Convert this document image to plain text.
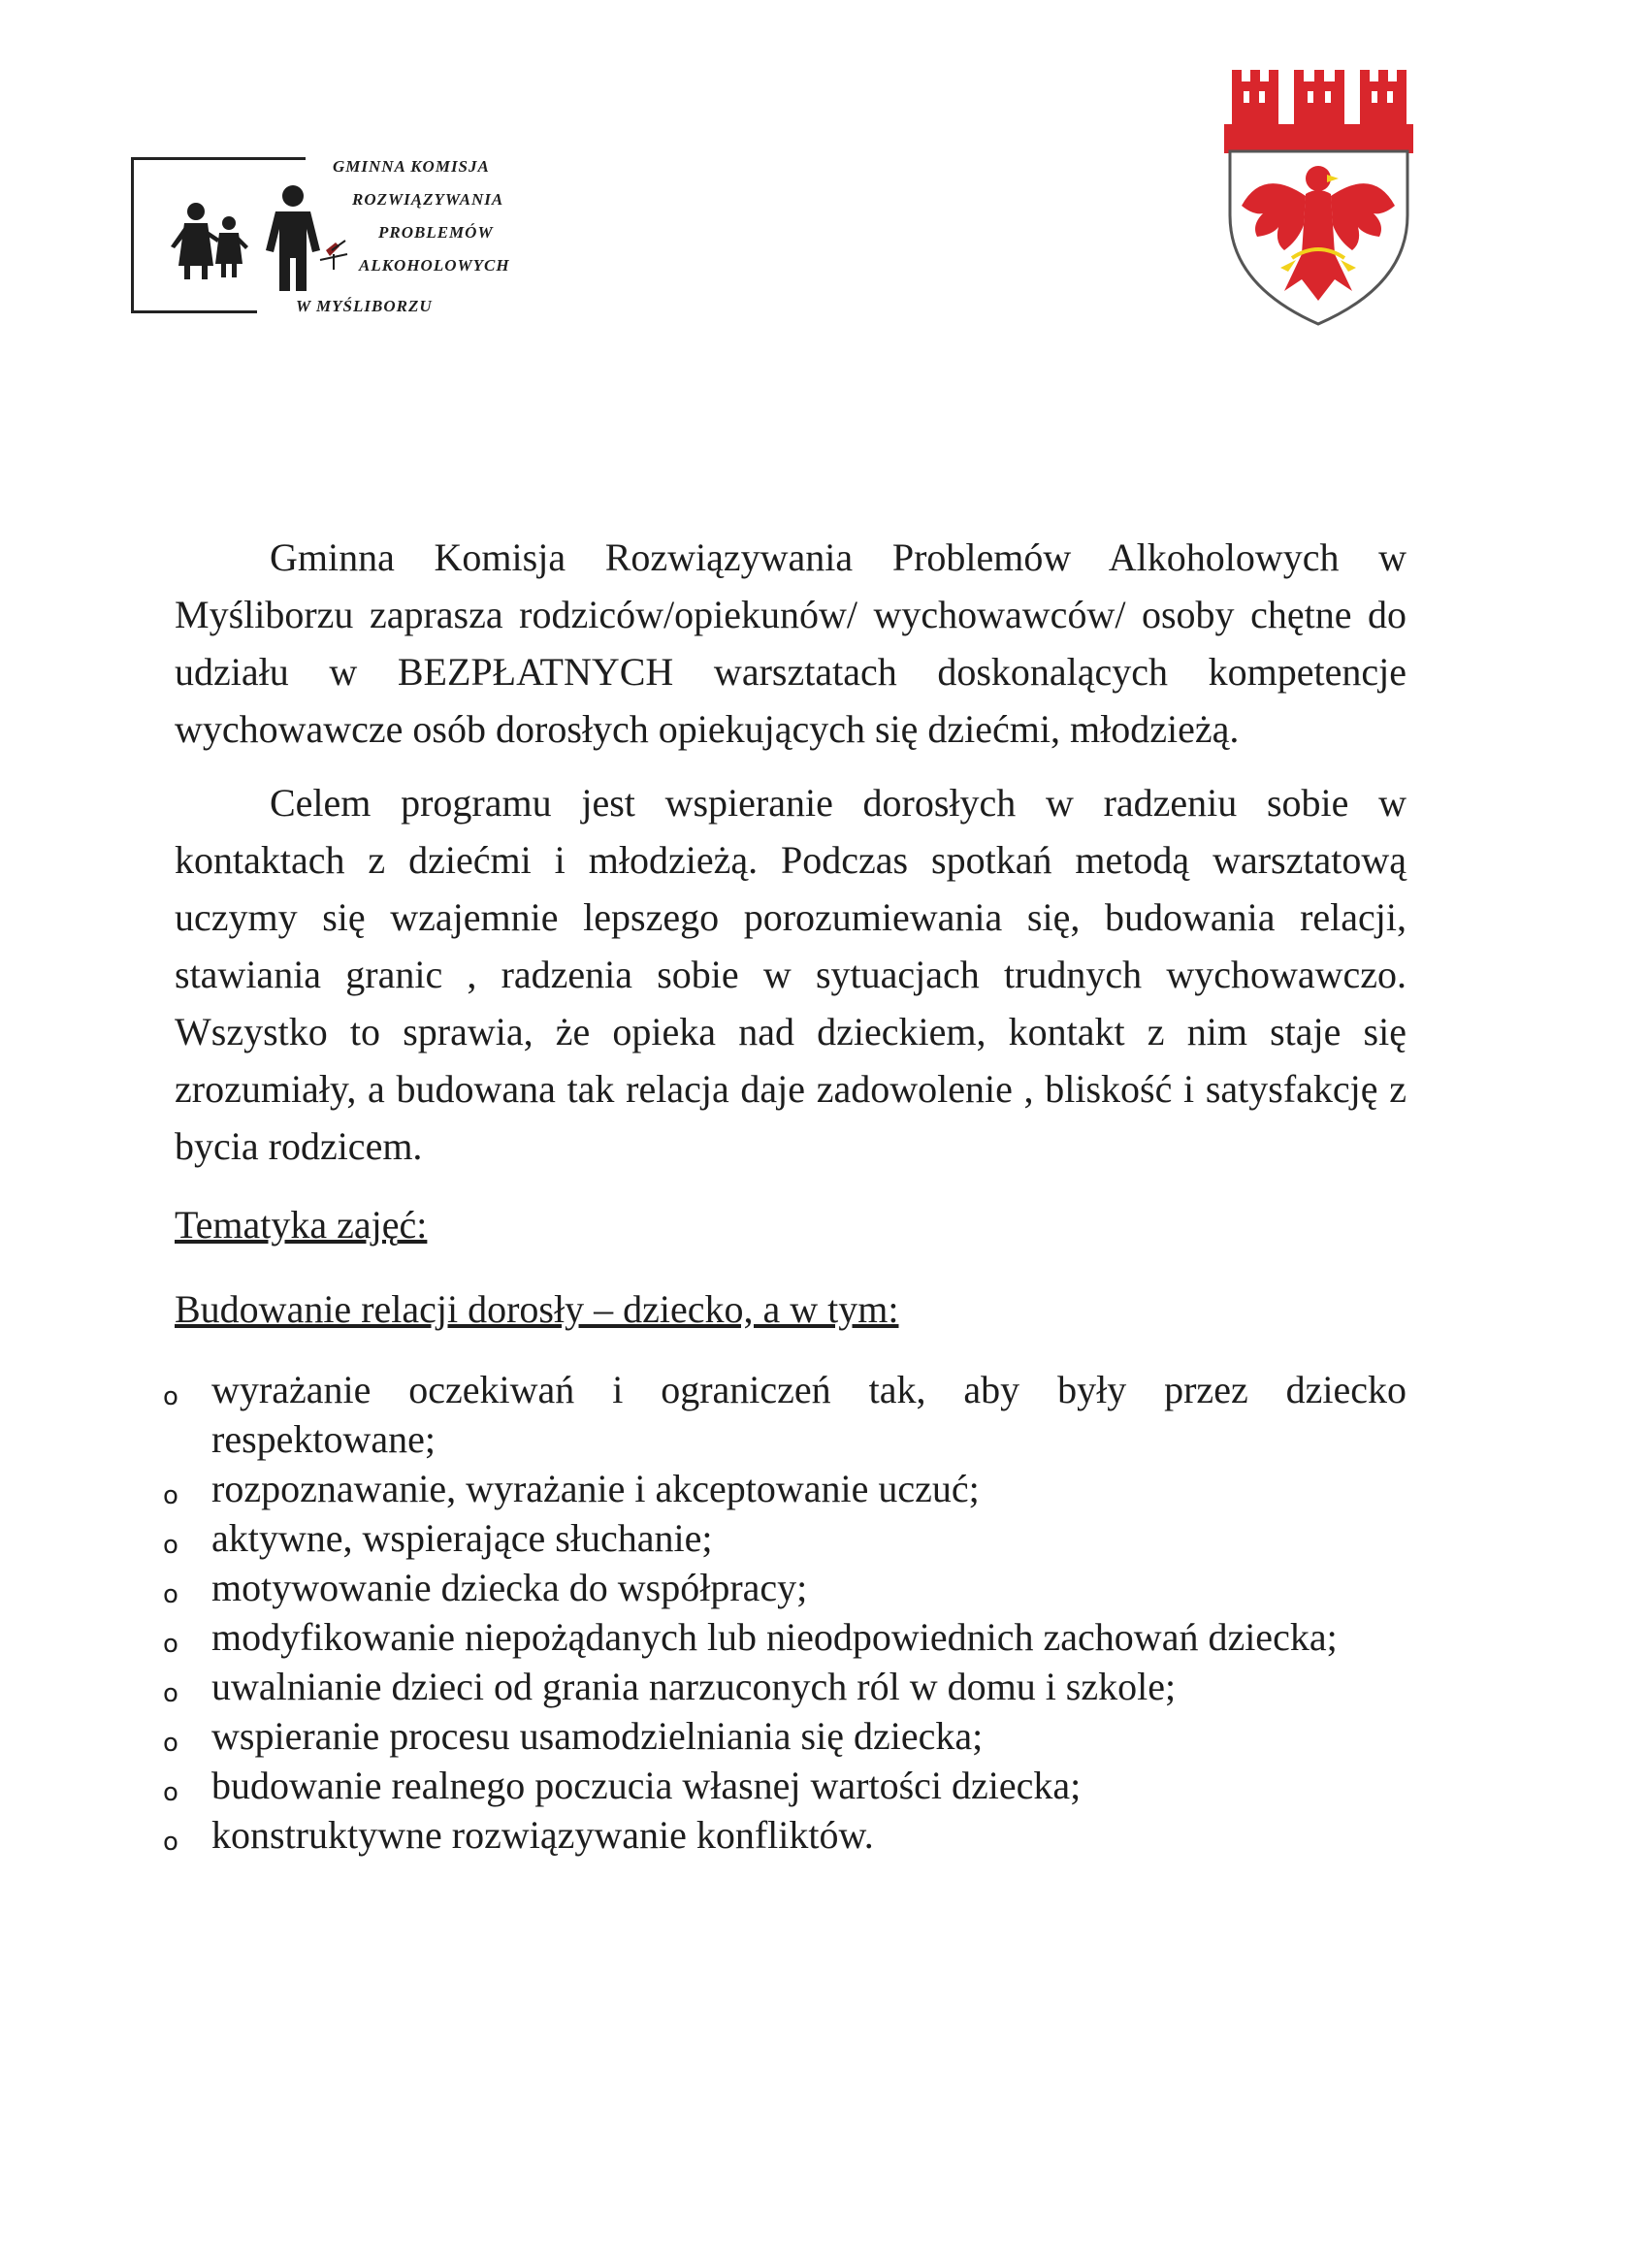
GMINNA KOMISJA
ROZWIĄZYWANIA
PROBLEMÓW
ALKOHOLOWYCH
W MYŚLIBORZU

Gminna Komisja Rozwiązywania Problemów Alkoholowych w Myśliborzu zaprasza rodziców/opiekunów/ wychowawców/ osoby chętne do udziału w BEZPŁATNYCH warsztatach doskonalących kompetencje wychowawcze osób dorosłych opiekujących się dziećmi, młodzieżą.

Celem programu jest wspieranie dorosłych w radzeniu sobie w kontaktach z dziećmi i młodzieżą. Podczas spotkań metodą warsztatową uczymy się wzajemnie lepszego porozumiewania się, budowania relacji, stawiania granic , radzenia sobie w sytuacjach trudnych wychowawczo. Wszystko to sprawia, że opieka nad dzieckiem, kontakt z nim staje się zrozumiały, a budowana tak relacja daje zadowolenie , bliskość i satysfakcję z bycia rodzicem.

Tematyka zajęć:

Budowanie relacji dorosły – dziecko, a w tym:

o wyrażanie oczekiwań i ograniczeń tak, aby były przez dziecko respektowane;
o rozpoznawanie, wyrażanie i akceptowanie uczuć;
o aktywne, wspierające słuchanie;
o motywowanie dziecka do współpracy;
o modyfikowanie niepożądanych lub nieodpowiednich zachowań dziecka;
o uwalnianie dzieci od grania narzuconych ról w domu i szkole;
o wspieranie procesu usamodzielniania się dziecka;
o budowanie realnego poczucia własnej wartości dziecka;
o konstruktywne rozwiązywanie konfliktów.
